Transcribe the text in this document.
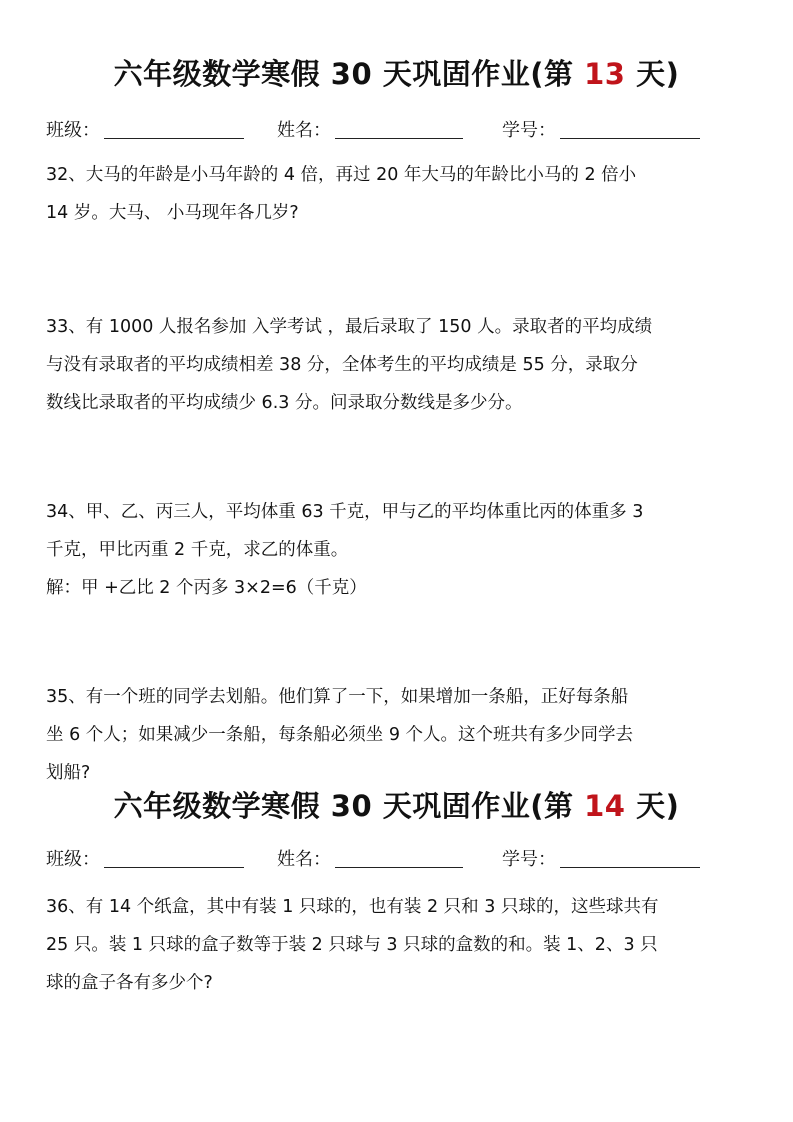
六年级数学寒假 30 天巩固作业(第 13 天)
班级：	姓名：	学号：

32、大马的年龄是小马年龄的 4 倍，再过 20 年大马的年龄比小马的 2 倍小

14 岁。大马、 小马现年各几岁?

33、有 1000 人报名参加 入学考试 ，最后录取了 150 人。录取者的平均成绩

与没有录取者的平均成绩相差 38 分，全体考生的平均成绩是 55 分，录取分

数线比录取者的平均成绩少 6.3 分。问录取分数线是多少分。

34、甲、乙、丙三人，平均体重 63 千克，甲与乙的平均体重比丙的体重多 3

千克，甲比丙重 2 千克，求乙的体重。

解：甲 +乙比 2 个丙多 3×2=6（千克）

35、有一个班的同学去划船。他们算了一下，如果增加一条船，正好每条船

坐 6 个人；如果减少一条船，每条船必须坐 9 个人。这个班共有多少同学去

划船?

六年级数学寒假 30 天巩固作业(第 14 天)
班级：	姓名：	学号：

36、有 14 个纸盒，其中有装 1 只球的，也有装 2 只和 3 只球的，这些球共有

25 只。装 1 只球的盒子数等于装 2 只球与 3 只球的盒数的和。装 1、2、3 只

球的盒子各有多少个?
